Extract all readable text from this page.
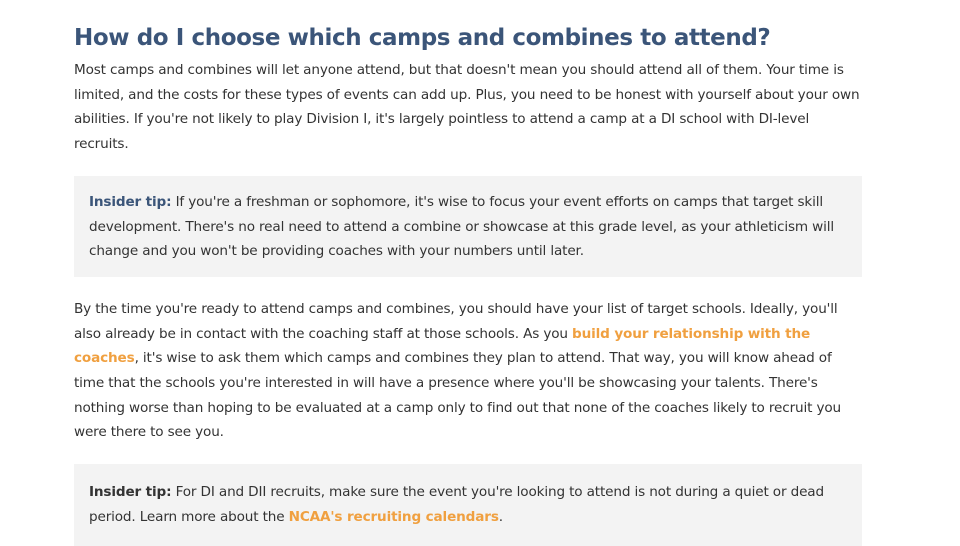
How do I choose which camps and combines to attend?

Most camps and combines will let anyone attend, but that doesn't mean you should attend all of them. Your time is limited, and the costs for these types of events can add up. Plus, you need to be honest with yourself about your own abilities. If you're not likely to play Division I, it's largely pointless to attend a camp at a DI school with DI-level recruits.

Insider tip: If you're a freshman or sophomore, it's wise to focus your event efforts on camps that target skill development. There's no real need to attend a combine or showcase at this grade level, as your athleticism will change and you won't be providing coaches with your numbers until later.

By the time you're ready to attend camps and combines, you should have your list of target schools. Ideally, you'll also already be in contact with the coaching staff at those schools. As you build your relationship with the coaches, it's wise to ask them which camps and combines they plan to attend. That way, you will know ahead of time that the schools you're interested in will have a presence where you'll be showcasing your talents. There's nothing worse than hoping to be evaluated at a camp only to find out that none of the coaches likely to recruit you were there to see you.

Insider tip: For DI and DII recruits, make sure the event you're looking to attend is not during a quiet or dead period. Learn more about the NCAA's recruiting calendars.
